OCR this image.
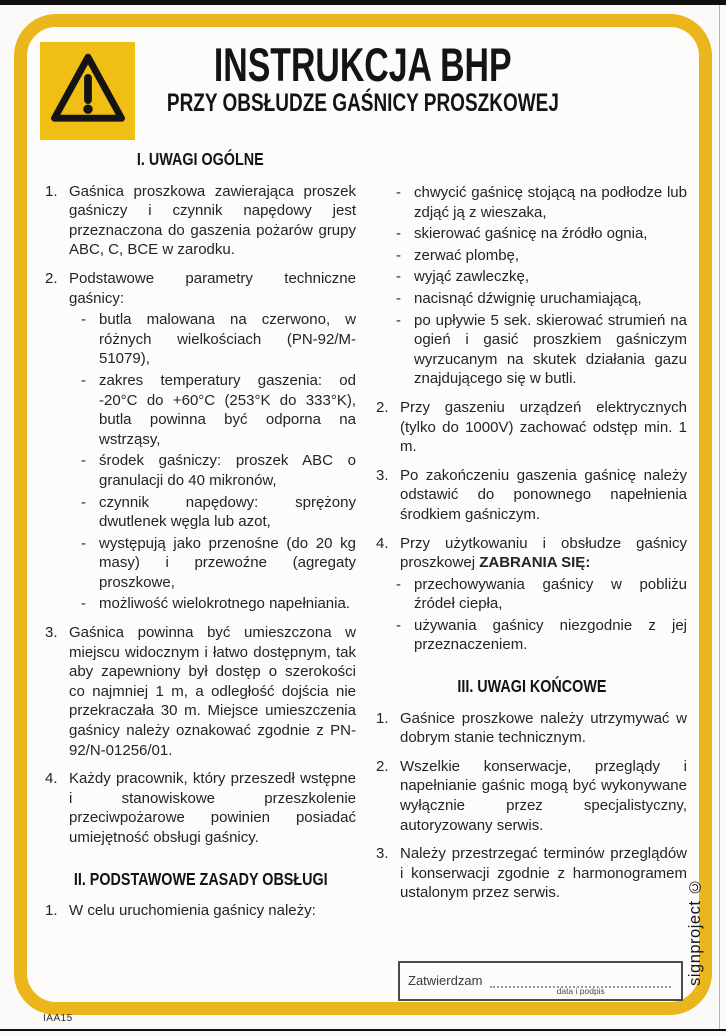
INSTRUKCJA BHP
PRZY OBSŁUDZE GAŚNICY PROSZKOWEJ
I. UWAGI OGÓLNE
1. Gaśnica proszkowa zawierająca proszek gaśniczy i czynnik napędowy jest przeznaczona do gaszenia pożarów grupy ABC, C, BCE w zarodku.
2. Podstawowe parametry techniczne gaśnicy:
- butla malowana na czerwono, w różnych wielkościach (PN-92/M-51079),
- zakres temperatury gaszenia: od -20°C do +60°C (253°K do 333°K), butla powinna być odporna na wstrząsy,
- środek gaśniczy: proszek ABC o granulacji do 40 mikronów,
- czynnik napędowy: sprężony dwutlenek węgla lub azot,
- występują jako przenośne (do 20 kg masy) i przewoźne (agregaty proszkowe,
- możliwość wielokrotnego napełniania.
3. Gaśnica powinna być umieszczona w miejscu widocznym i łatwo dostępnym, tak aby zapewniony był dostęp o szerokości co najmniej 1 m, a odległość dojścia nie przekraczała 30 m. Miejsce umieszczenia gaśnicy należy oznakować zgodnie z PN-92/N-01256/01.
4. Każdy pracownik, który przeszedł wstępne i stanowiskowe przeszkolenie przeciwpożarowe powinien posiadać umiejętność obsługi gaśnicy.
II. PODSTAWOWE ZASADY OBSŁUGI
1. W celu uruchomienia gaśnicy należy:
- chwycić gaśnicę stojącą na podłodze lub zdjąć ją z wieszaka,
- skierować gaśnicę na źródło ognia,
- zerwać plombę,
- wyjąć zawleczkę,
- nacisnąć dźwignię uruchamiającą,
- po upływie 5 sek. skierować strumień na ogień i gasić proszkiem gaśniczym wyrzucanym na skutek działania gazu znajdującego się w butli.
2. Przy gaszeniu urządzeń elektrycznych (tylko do 1000V) zachować odstęp min. 1 m.
3. Po zakończeniu gaszenia gaśnicę należy odstawić do ponownego napełnienia środkiem gaśniczym.
4. Przy użytkowaniu i obsłudze gaśnicy proszkowej ZABRANIA SIĘ:
- przechowywania gaśnicy w pobliżu źródeł ciepła,
- używania gaśnicy niezgodnie z jej przeznaczeniem.
III. UWAGI KOŃCOWE
1. Gaśnice proszkowe należy utrzymywać w dobrym stanie technicznym.
2. Wszelkie konserwacje, przeglądy i napełnianie gaśnic mogą być wykonywane wyłącznie przez specjalistyczny, autoryzowany serwis.
3. Należy przestrzegać terminów przeglądów i konserwacji zgodnie z harmonogramem ustalonym przez serwis.
Zatwierdzam
data i podpis
signproject ©
IAA15
